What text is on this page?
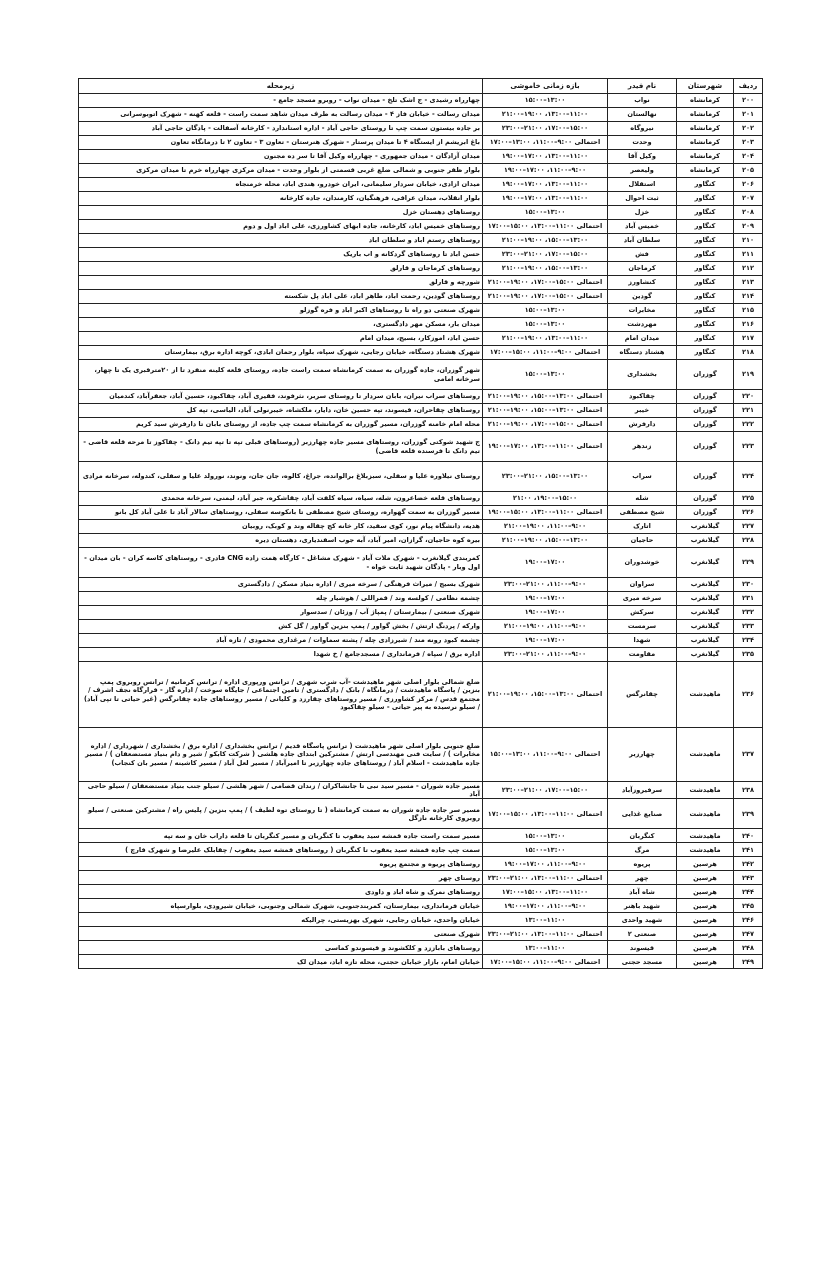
ردیف	شهرستان	نام فیدر	بازه زمانی خاموشی	زیرمحله
۲۰۰	کرمانشاه	نواب	۱۳:۰۰–۱۵:۰۰	چهارراه رشیدی - ج اشک تلخ - میدان نواب - روبرو مسجد جامع -
۲۰۱	کرمانشاه	نهالستان	۱۱:۰۰–۱۳:۰۰، ۱۹:۰۰–۲۱:۰۰	میدان رسالت - خیابان فاز ۴ - میدان رسالت به طرف میدان شاهد سمت راست - قلعه کهنه - شهرک اتوبوسرانی
۲۰۲	کرمانشاه	نیروگاه	۱۵:۰۰–۱۷:۰۰، ۲۱:۰۰–۲۳:۰۰	بر جاده بیستون سمت چپ تا روستای حاجی آباد - اداره استاندارد - کارخانه آسفالت - پادگان حاجی آباد
۲۰۳	کرمانشاه	وحدت	احتمالی ۹:۰۰–۱۱:۰۰، ۱۳:۰۰–۱۷:۰۰	باغ ابریشم از ایستگاه ۴ تا میدان پرستار - شهرک هنرستان - تعاون ۳ - تعاون ۲ تا درمانگاه تعاون
۲۰۴	کرمانشاه	وکیل آقا	۱۱:۰۰–۱۳:۰۰، ۱۷:۰۰–۱۹:۰۰	میدان آزادگان - میدان جمهوری - چهارراه وکیل آقا تا سر ده مجنون
۲۰۵	کرمانشاه	ولیعصر	۹:۰۰–۱۱:۰۰، ۱۷:۰۰–۱۹:۰۰	بلوار ظفر جنوبی و شمالی ضلع غربی قسمتی از بلوار وحدت - میدان مرکزی چهارراه خرم تا میدان مرکزی
۲۰۶	کنگاور	استقلال	۱۱:۰۰–۱۳:۰۰، ۱۷:۰۰–۱۹:۰۰	میدان ازادی، خیابان سردار سلیمانی، ایران خودرو، هندی اباد، محله خرمنجاه
۲۰۷	کنگاور	ثبت احوال	۱۱:۰۰–۱۳:۰۰، ۱۷:۰۰–۱۹:۰۰	بلوار انقلاب، میدان عراقی، فرهنگیان، کارمندان، جاده کارخانه
۲۰۸	کنگاور	خزل	۱۳:۰۰–۱۵:۰۰	روستاهای دهستان خزل
۲۰۹	کنگاور	خمیس آباد	احتمالی ۱۱:۰۰–۱۳:۰۰، ۱۵:۰۰–۱۷:۰۰	روستاهای خمیس اباد، کارخانه، جاده ابهای کشاورزی، علی اباد اول و دوم
۲۱۰	کنگاور	سلطان آباد	۱۳:۰۰–۱۵:۰۰، ۱۹:۰۰–۲۱:۰۰	روستاهای رستم اباد و سلطان اباد
۲۱۱	کنگاور	فش	۱۵:۰۰–۱۷:۰۰، ۲۱:۰۰–۲۳:۰۰	حسن اباد تا روستاهای گردکانه و اب باریک
۲۱۲	کنگاور	کرماجان	۱۳:۰۰–۱۵:۰۰، ۱۹:۰۰–۲۱:۰۰	روستاهای کرماجان و قارلق
۲۱۳	کنگاور	کنشاورز	احتمالی ۱۵:۰۰–۱۷:۰۰، ۱۹:۰۰–۲۱:۰۰	شورچه و قارلق
۲۱۴	کنگاور	گودین	احتمالی ۱۵:۰۰–۱۷:۰۰، ۱۹:۰۰–۲۱:۰۰	روستاهای گودین، رحمت اباد، طاهر اباد، علی اباد پل شکسته
۲۱۵	کنگاور	مخابرات	۱۳:۰۰–۱۵:۰۰	شهرک صنعتی دو راه تا روستاهای اکبر اباد و فره گوزلو
۲۱۶	کنگاور	مهردشت	۱۳:۰۰–۱۵:۰۰	میدان بار، مسکن مهر دادگستری،
۲۱۷	کنگاور	میدان امام	۱۱:۰۰–۱۳:۰۰، ۱۹:۰۰–۲۱:۰۰	حسن اباد، اموزکار، بسیج، میدان امام
۲۱۸	کنگاور	هشتاد دستگاه	احتمالی ۹:۰۰–۱۱:۰۰، ۱۵:۰۰–۱۷:۰۰	شهرک هشتاد دستگاه، خیابان رجایی، شهرک سپاه، بلوار رحمان ابادی، کوچه اداره برق، بیمارستان
۲۱۹	گوزران	بخشداری	۱۳:۰۰–۱۵:۰۰	شهر گوزران، جاده گوزران به سمت کرمانشاه سمت راست جاده، روستای قلعه کلینه منفرد تا از ۲۰مترقبری یک تا چهار، سرخانه امامی
۲۲۰	گوزران	چقاکبود	احتمالی ۱۳:۰۰–۱۵:۰۰، ۱۹:۰۰–۲۱:۰۰	روستاهای سراب نیران، بابان سردار تا روستای سربر، نثرفوند، فقیری آباد، چقاکبود، حسین آباد، جعفرآباد، کندمیان
۲۲۱	گوزران	خیبر	احتمالی ۱۳:۰۰–۱۵:۰۰، ۱۹:۰۰–۲۱:۰۰	روستاهای چقاحران، قیسوند، تپه حسین خان، دایار، ملکشاه، خیبرنولی آباد، الیاسی، تپه کل
۲۲۲	گوزران	دارفرش	احتمالی ۱۵:۰۰–۱۷:۰۰، ۱۹:۰۰–۲۱:۰۰	محله امام خامنه گوزران، مسیر گوزران به کرمانشاه سمت چپ جاده، از روستای بابان تا دارفرش سید کریم
۲۲۳	گوزران	زندهر	احتمالی ۱۱:۰۰–۱۳:۰۰، ۱۷:۰۰–۱۹:۰۰	ج شهید شوکتی گوزران، روستاهای مسیر جاده چهارزبر (روستاهای قبلی تپه تا تپه تیم دانک - چقاکوز تا مرحه قلعه قاضی - تیم دانک تا فرسنده قلعه قاضی)
۲۲۴	گوزران	سراب	۱۳:۰۰–۱۵:۰۰، ۲۱:۰۰–۲۳:۰۰	روستای نیلاوره علیا و سفلی، سبزبلاغ برالوانده، جراغ، کالوه، جان جان، ونوند، نورولد علیا و سفلی، کندوله، سرخانه مرادی
۲۲۵	گوزران	شله	۱۵:۰۰–۱۹:۰۰، ۲۱:۰۰	روستاهای قلعه خضاعرون، شله، سیاه، سیاه کلفت آباد، چقاشکره، جبر آباد، لیمنی، سرخانه محمدی
۲۲۶	گوزران	شیخ مصطفی	احتمالی ۱۱:۰۰–۱۳:۰۰، ۱۵:۰۰–۱۹:۰۰	مسیر گوزران به سمت گهواره، روستای شیخ مصطفی تا بانکوسه سفلی، روستاهای سالار آباد تا علی آباد کل بانو
۲۲۷	گیلانغرب	اتارک	۹:۰۰–۱۱:۰۰، ۱۹:۰۰–۲۱:۰۰	هدیه، دانشگاه پیام نور، کوی سفید، کار خانه کج چقاله وند و کوبک، روبیان
۲۲۸	گیلانغرب	حاجیان	۱۳:۰۰–۱۵:۰۰، ۱۹:۰۰–۲۱:۰۰	بیره کوه حاجیان، گرازان، امیر آباد، آبه جوب اسفندیاری، دهستان دیره
۲۲۹	گیلانغرب	خوشدوران	۱۷:۰۰–۱۹:۰۰	کمربندی گیلانغرب - شهرک ملات آباد - شهرک مشاغل - کارگاه همت زاده CNG قادری - روستاهای کاسه کران - بان میدان - اول وبار - پادگان شهید ثابت خواه -
۲۳۰	گیلانغرب	سراوان	۹:۰۰–۱۱:۰۰، ۲۱:۰۰–۲۳:۰۰	شهرک بسیج / میراث فرهنگی / سرخه میری / اداره بنیاد مسکن / دادگستری
۲۳۱	گیلانغرب	سرخه میری	۱۷:۰۰–۱۹:۰۰	چشمه نظامی / کولسه وند / قمراللی / هوشیار چله
۲۳۲	گیلانغرب	سرکش	۱۷:۰۰–۱۹:۰۰	شهرک صنعتی / بیمارستان / پمپاژ آب / وزئان / سدسوار
۲۳۳	گیلانغرب	سرمست	۹:۰۰–۱۱:۰۰، ۱۹:۰۰–۲۱:۰۰	وارکه / پردنگ ارتش / بخش گواور / پمپ بنزین گواور / گل کش
۲۳۴	گیلانغرب	شهدا	۱۷:۰۰–۱۹:۰۰	چشمه کبود رونه مند / شیرزادی چله / پشته سماوات / مرغداری محمودی / تازه آباد
۲۳۵	گیلانغرب	مقاومت	۹:۰۰–۱۱:۰۰، ۲۱:۰۰–۲۳:۰۰	اداره برق / سپاه / فرمانداری / مسجدجامع / خ شهدا
۲۳۶	ماهیدشت	چقانرگس	احتمالی ۱۳:۰۰–۱۵:۰۰، ۱۹:۰۰–۲۱:۰۰	ضلع شمالی بلوار اصلی شهر ماهیدشت -آب شرب شهری / ترانس ورپوری اداره / ترانس کرمانیه / ترانس روبروی پمپ بنزین / پاسگاه ماهیدشت / درمانگاه / بانک / دادگستری / تامین اجتماعی / جایگاه سوخت / اداره گاز - قرارگاه نجف اشرف / مجتمع قدس / مرکز کشاورزی / مسیر روستاهای چقارزد و کلیانی / مسیر روستاهای جاده چقانرگس (غیر حیاتی تا تپی آباد) / سیلو نرسیده به پیر حیاتی - سیلو چقاکبود
۲۳۷	ماهیدشت	چهارزبر	احتمالی ۹:۰۰–۱۱:۰۰، ۱۳:۰۰–۱۵:۰۰	ضلع جنوبی بلوار اصلی شهر ماهیدشت ( ترانس پاسگاه قدیم / ترانس بخشداری / اداره برق / بخشداری / شهرداری / اداره مخابرات ) / سایت فنی مهندسی ارتش / مشترکین ابتدای جاده هلشی ( شرکت کابکو / شیر و دام بنیاد مستضعفان ) / مسیر جاده ماهیدشت - اسلام آباد / روستاهای جاده چهارزبر تا امیرآباد / مسیر لعل آباد / مسیر کاشینه / مسیر بان کنجاب)
۲۳۸	ماهیدشت	سرفیروزآباد	۱۵:۰۰–۱۷:۰۰، ۲۱:۰۰–۲۳:۰۰	مسیر جاده شوران - مسیر سید نبی تا جانشاکران / زندان قصامی / شهر هلشی / سیلو جنب بنیاد مستضعفان / سیلو حاجی آباد
۲۳۹	ماهیدشت	صنایع غذایی	احتمالی ۱۱:۰۰–۱۳:۰۰، ۱۵:۰۰–۱۷:۰۰	مسیر سر جاده جاده شوران به سمت کرمانشاه ( تا روستای توه لطیف ) / پمپ بنزین / پلیس راه / مشترکین صنعتی / سیلو روبروی کارخانه نازگل
۲۴۰	ماهیدشت	کنگربان	۱۳:۰۰–۱۵:۰۰	مسیر سمت راست جاده قمشه سید یعقوب تا کنگربان و مسیر کنگربان تا قلعه داراب خان و سه تپه
۲۴۱	ماهیدشت	مرگ	۱۳:۰۰–۱۵:۰۰	سمت چپ جاده قمشه سید یعقوب تا کنگربان ( روستاهای قمشه سید یعقوب / چقابلک علیرضا و شهرک قارچ )
۲۴۲	هرسین	پریوه	۹:۰۰–۱۱:۰۰، ۱۷:۰۰–۱۹:۰۰	روستاهای پریوه و مجتمع پریوه
۲۴۳	هرسین	چهر	احتمالی ۱۱:۰۰–۱۳:۰۰، ۲۱:۰۰–۲۳:۰۰	روستای چهر
۲۴۴	هرسین	شاه آباد	۱۱:۰۰–۱۳:۰۰، ۱۵:۰۰–۱۷:۰۰	روستاهای نمرک و شاه اباد و داودی
۲۴۵	هرسین	شهید باهنر	۹:۰۰–۱۱:۰۰، ۱۷:۰۰–۱۹:۰۰	خیابان فرمانداری، بیمارستان، کمربندجنوبی، شهرک شمالی وجنوبی، خیابان شیرودی، بلوارسپاه
۲۴۶	هرسین	شهید واحدی	۱۱:۰۰–۱۳:۰۰	خیابان واحدی، خیابان رجایی، شهرک بهزیستی، چرالیکه
۲۴۷	هرسین	صنعتی ۲	احتمالی ۱۱:۰۰–۱۳:۰۰، ۲۱:۰۰–۲۳:۰۰	شهرک صنعتی
۲۴۸	هرسین	قیسوند	۱۱:۰۰–۱۳:۰۰	روستاهای باباززد و کلکشوند و قیسوندو کماسی
۲۴۹	هرسین	مسجد حجتی	احتمالی ۹:۰۰–۱۱:۰۰، ۱۵:۰۰–۱۷:۰۰	خیابان امام، بازار خیابان حجتی، محله تازه اباد، میدان لک
